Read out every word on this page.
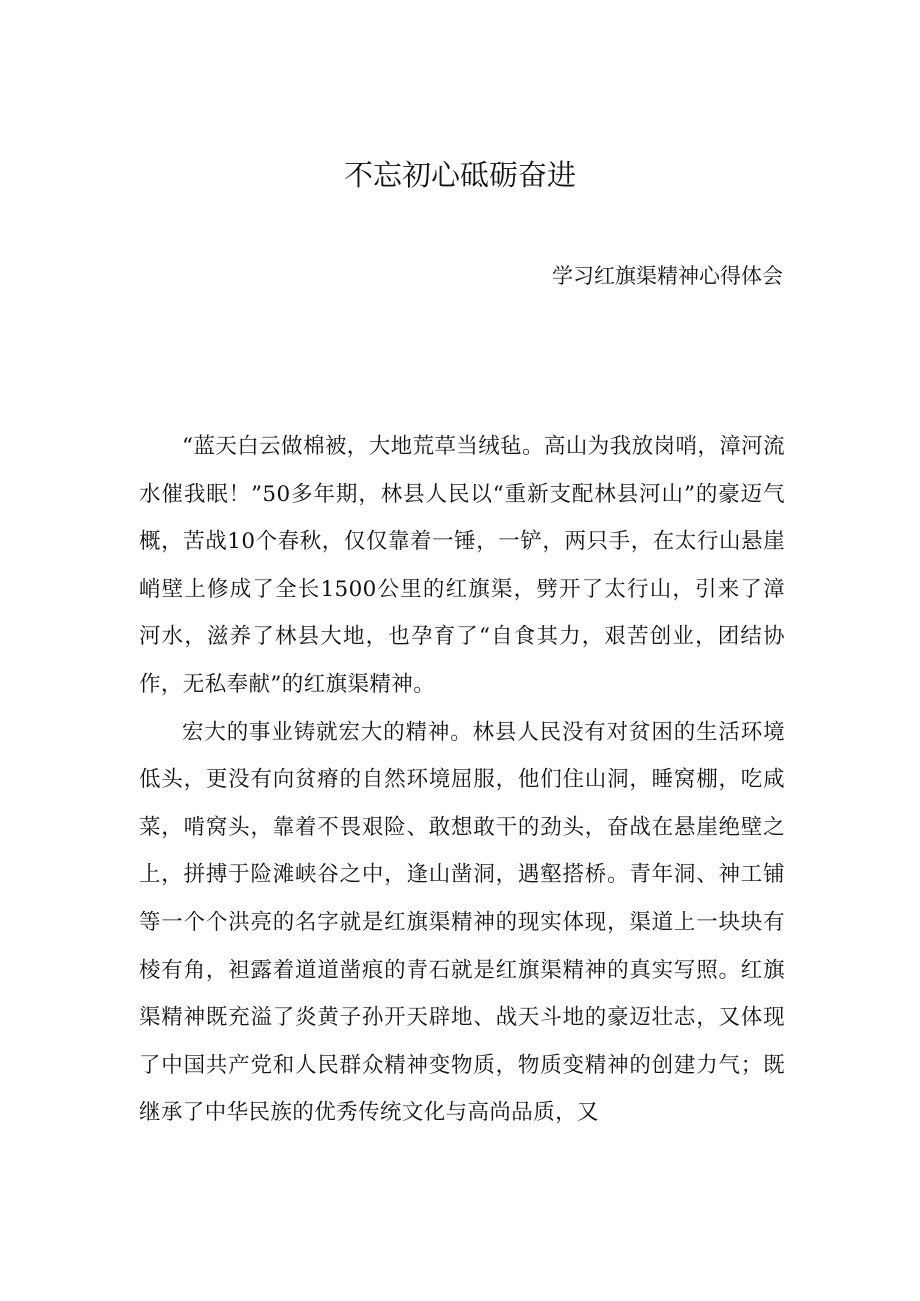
不忘初心砥砺奋进
学习红旗渠精神心得体会

“蓝天白云做棉被，大地荒草当绒毡。高山为我放岗哨，漳河流水催我眠！”50多年期，林县人民以“重新支配林县河山”的豪迈气概，苦战10个春秋，仅仅靠着一锤，一铲，两只手，在太行山悬崖峭壁上修成了全长1500公里的红旗渠，劈开了太行山，引来了漳河水，滋养了林县大地，也孕育了“自食其力，艰苦创业，团结协作，无私奉献”的红旗渠精神。

宏大的事业铸就宏大的精神。林县人民没有对贫困的生活环境低头，更没有向贫瘠的自然环境屈服，他们住山洞，睡窝棚，吃咸菜，啃窝头，靠着不畏艰险、敢想敢干的劲头，奋战在悬崖绝壁之上，拼搏于险滩峡谷之中，逢山凿洞，遇壑搭桥。青年洞、神工铺等一个个洪亮的名字就是红旗渠精神的现实体现，渠道上一块块有棱有角，袒露着道道凿痕的青石就是红旗渠精神的真实写照。红旗渠精神既充溢了炎黄子孙开天辟地、战天斗地的豪迈壮志，又体现了中国共产党和人民群众精神变物质，物质变精神的创建力气；既继承了中华民族的优秀传统文化与高尚品质，又
